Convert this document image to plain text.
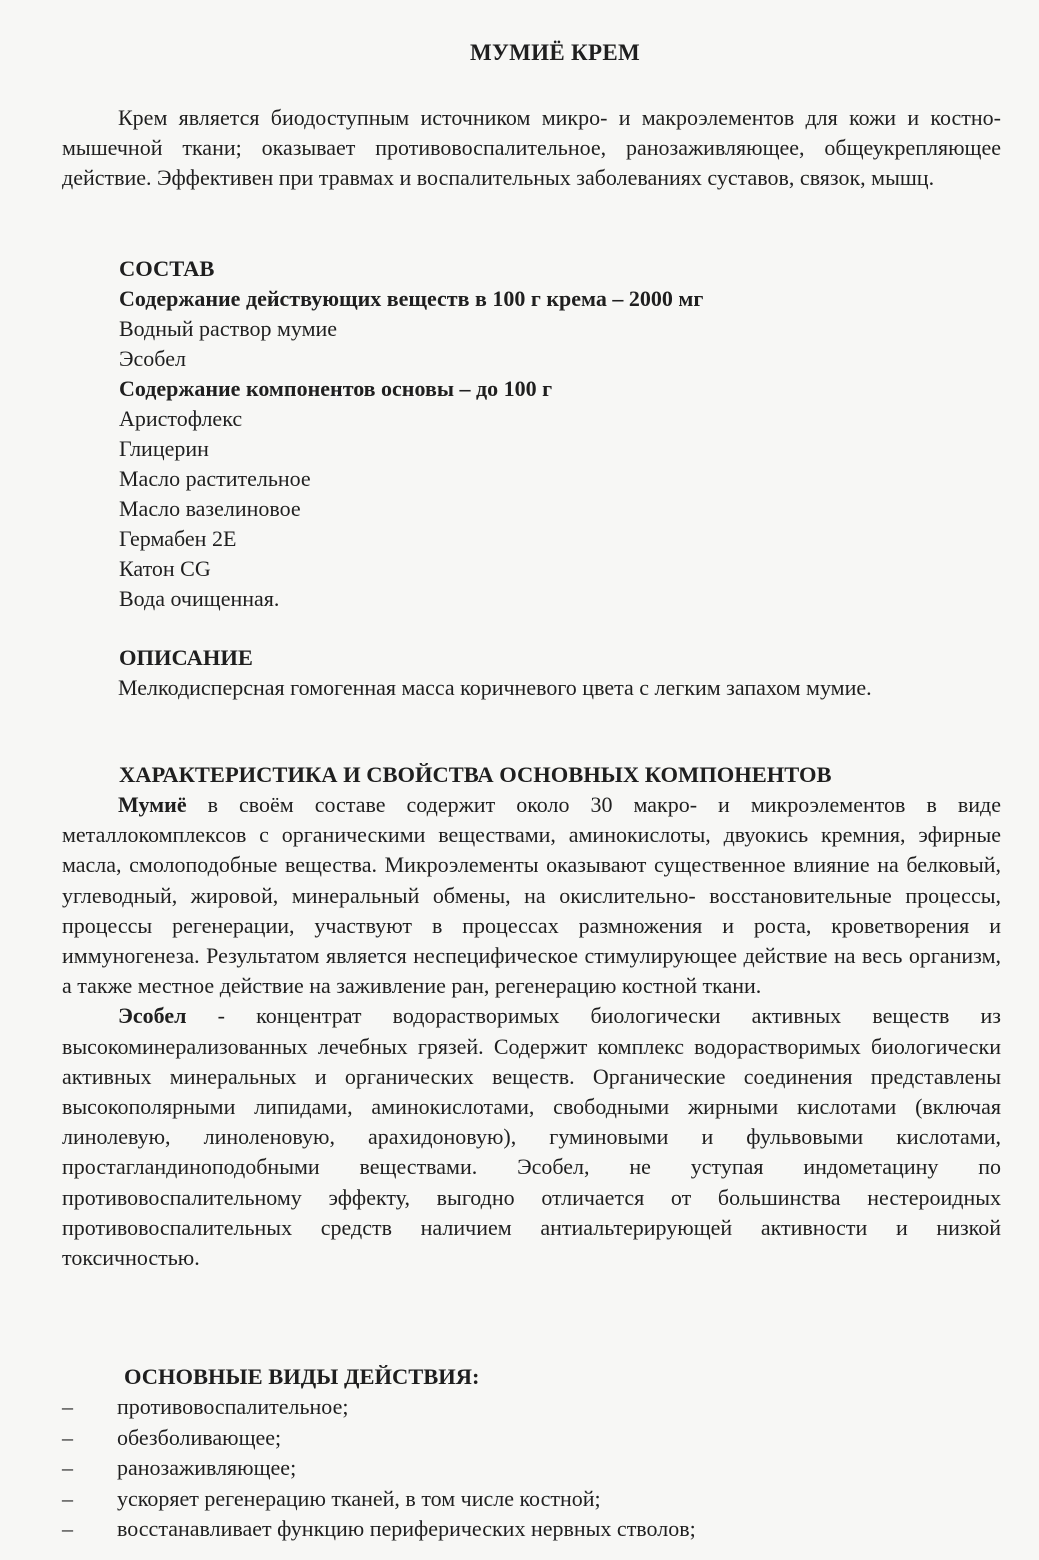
МУМИЁ КРЕМ

Крем является биодоступным источником микро- и макроэлементов для кожи и костно-мышечной ткани; оказывает противовоспалительное, ранозаживляющее, общеукрепляющее действие. Эффективен при травмах и воспалительных заболеваниях суставов, связок, мышц.

СОСТАВ
Содержание действующих веществ в 100 г крема – 2000 мг
Водный раствор мумие
Эсобел
Содержание компонентов основы – до 100 г
Аристофлекс
Глицерин
Масло растительное
Масло вазелиновое
Гермабен 2Е
Катон CG
Вода очищенная.
ОПИСАНИЕ

Мелкодисперсная гомогенная масса коричневого цвета с легким запахом мумие.

ХАРАКТЕРИСТИКА И СВОЙСТВА ОСНОВНЫХ КОМПОНЕНТОВ

Мумиё в своём составе содержит около 30 макро- и микроэлементов в виде металлокомплексов с органическими веществами, аминокислоты, двуокись кремния, эфирные масла, смолоподобные вещества. Микроэлементы оказывают существенное влияние на белковый, углеводный, жировой, минеральный обмены, на окислительно- восстановительные процессы, процессы регенерации, участвуют в процессах размножения и роста, кроветворения и иммуногенеза. Результатом является неспецифическое стимулирующее действие на весь организм, а также местное действие на заживление ран, регенерацию костной ткани.

Эсобел - концентрат водорастворимых биологически активных веществ из высокоминерализованных лечебных грязей. Содержит комплекс водорастворимых биологически активных минеральных и органических веществ. Органические соединения представлены высокополярными липидами, аминокислотами, свободными жирными кислотами (включая линолевую, линоленовую, арахидоновую), гуминовыми и фульвовыми кислотами, простагландиноподобными веществами. Эсобел, не уступая индометацину по противовоспалительному эффекту, выгодно отличается от большинства нестероидных противовоспалительных средств наличием антиальтерирующей активности и низкой токсичностью.

ОСНОВНЫЕ ВИДЫ ДЕЙСТВИЯ:
– противовоспалительное;
– обезболивающее;
– ранозаживляющее;
– ускоряет регенерацию тканей, в том числе костной;
– восстанавливает функцию периферических нервных стволов;
